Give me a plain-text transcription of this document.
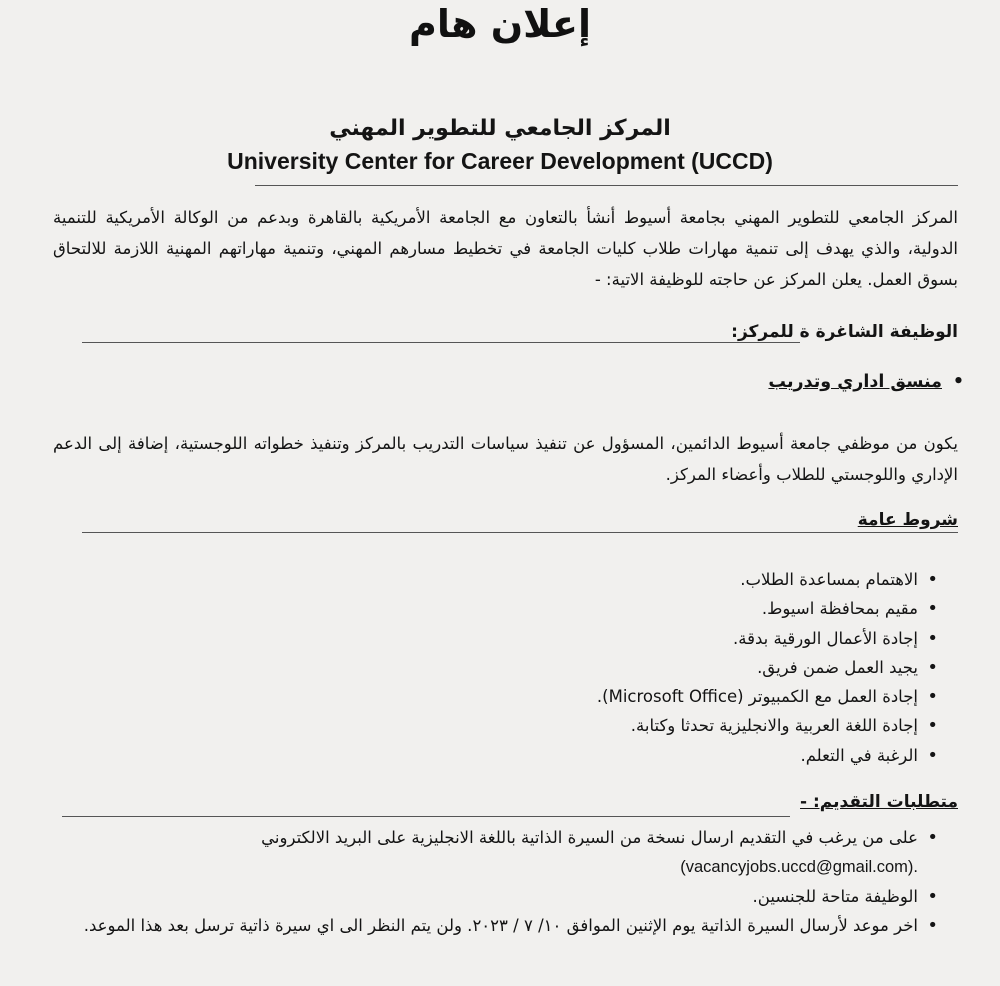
إعلان هام
المركز الجامعي للتطوير المهني
University Center for Career Development (UCCD)
المركز الجامعي للتطوير المهني بجامعة أسيوط أنشأ بالتعاون مع الجامعة الأمريكية بالقاهرة وبدعم من الوكالة الأمريكية للتنمية الدولية، والذي يهدف إلى تنمية مهارات طلاب كليات الجامعة في تخطيط مسارهم المهني، وتنمية مهاراتهم المهنية اللازمة للالتحاق بسوق العمل. يعلن المركز عن حاجته للوظيفة الاتية: -
الوظيفة الشاغرة ة للمركز:
• منسق اداري وتدريب
يكون من موظفي جامعة أسيوط الدائمين، المسؤول عن تنفيذ سياسات التدريب بالمركز وتنفيذ خطواته اللوجستية، إضافة إلى الدعم الإداري واللوجستي للطلاب وأعضاء المركز.
شروط عامة
• الاهتمام بمساعدة الطلاب.
• مقيم بمحافظة اسيوط.
• إجادة الأعمال الورقية بدقة.
• يجيد العمل ضمن فريق.
• إجادة العمل مع الكمبيوتر (Microsoft Office).
• إجادة اللغة العربية والانجليزية تحدثا وكتابة.
• الرغبة في التعلم.
متطلبات التقديم: -
• على من يرغب في التقديم ارسال نسخة من السيرة الذاتية باللغة الانجليزية على البريد الالكتروني
(vacancyjobs.uccd@gmail.com).
• الوظيفة متاحة للجنسين.
• اخر موعد لأرسال السيرة الذاتية يوم الإثنين الموافق ١٠/ ٧ / ٢٠٢٣. ولن يتم النظر الى اي سيرة ذاتية ترسل بعد هذا الموعد.
